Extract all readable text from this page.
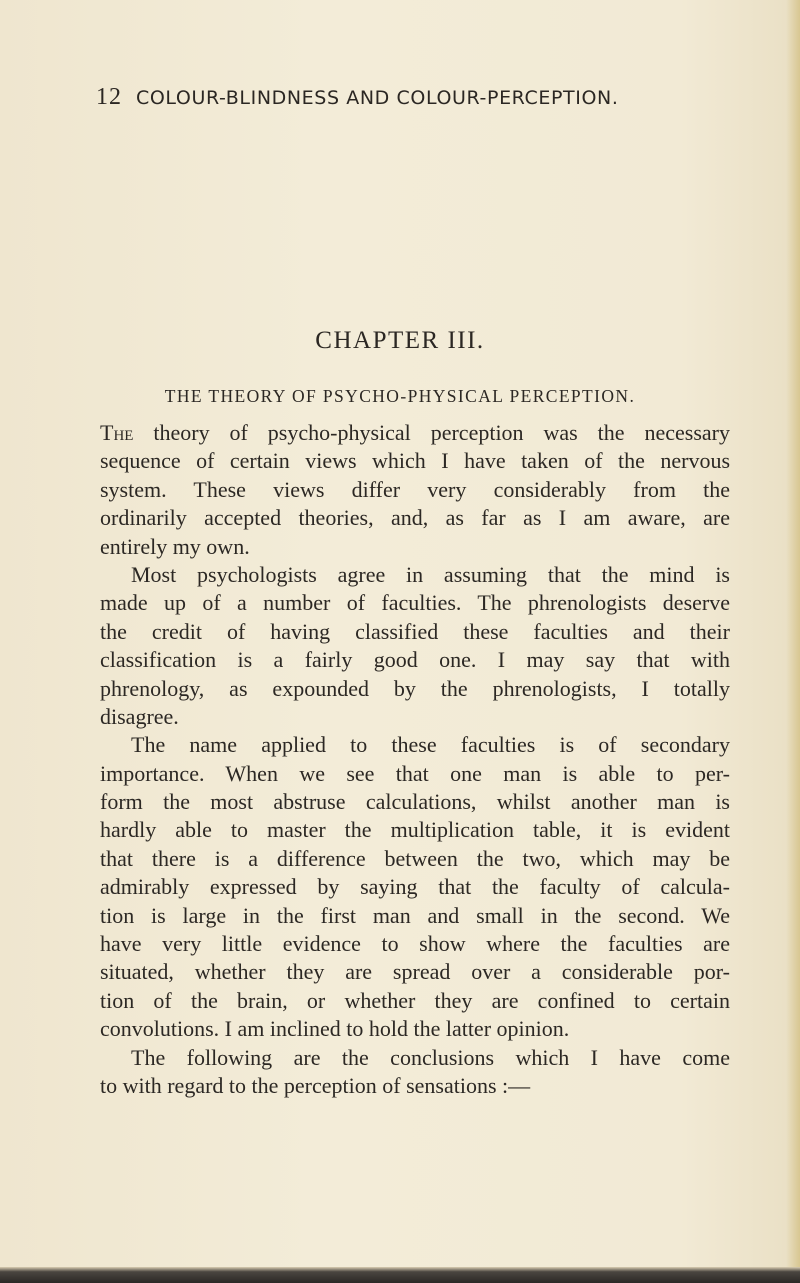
12 COLOUR-BLINDNESS AND COLOUR-PERCEPTION.
CHAPTER III.
THE THEORY OF PSYCHO-PHYSICAL PERCEPTION.
The theory of psycho-physical perception was the necessary
sequence of certain views which I have taken of the nervous
system. These views differ very considerably from the
ordinarily accepted theories, and, as far as I am aware, are
entirely my own.
Most psychologists agree in assuming that the mind is
made up of a number of faculties. The phrenologists deserve
the credit of having classified these faculties and their
classification is a fairly good one. I may say that with
phrenology, as expounded by the phrenologists, I totally
disagree.
The name applied to these faculties is of secondary
importance. When we see that one man is able to per-
form the most abstruse calculations, whilst another man is
hardly able to master the multiplication table, it is evident
that there is a difference between the two, which may be
admirably expressed by saying that the faculty of calcula-
tion is large in the first man and small in the second. We
have very little evidence to show where the faculties are
situated, whether they are spread over a considerable por-
tion of the brain, or whether they are confined to certain
convolutions. I am inclined to hold the latter opinion.
The following are the conclusions which I have come
to with regard to the perception of sensations :—
